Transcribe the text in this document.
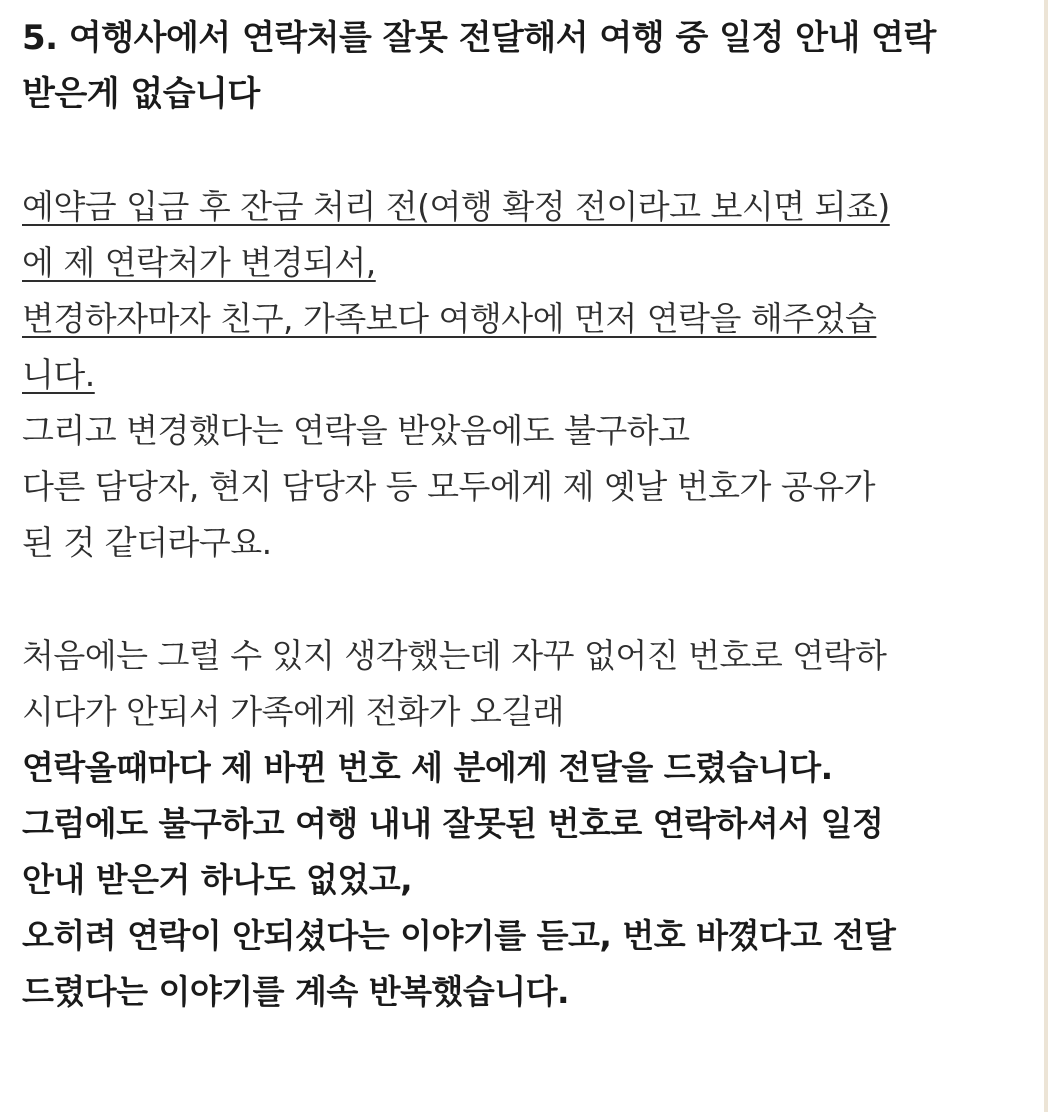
5. 여행사에서 연락처를 잘못 전달해서 여행 중 일정 안내 연락
받은게 없습니다
예약금 입금 후 잔금 처리 전(여행 확정 전이라고 보시면 되죠)
에 제 연락처가 변경되서,
변경하자마자 친구, 가족보다 여행사에 먼저 연락을 해주었습
니다.
그리고 변경했다는 연락을 받았음에도 불구하고
다른 담당자, 현지 담당자 등 모두에게 제 옛날 번호가 공유가
된 것 같더라구요.
처음에는 그럴 수 있지 생각했는데 자꾸 없어진 번호로 연락하
시다가 안되서 가족에게 전화가 오길래
연락올때마다 제 바뀐 번호 세 분에게 전달을 드렸습니다.
그럼에도 불구하고 여행 내내 잘못된 번호로 연락하셔서 일정
안내 받은거 하나도 없었고,
오히려 연락이 안되셨다는 이야기를 듣고, 번호 바꼈다고 전달
드렸다는 이야기를 계속 반복했습니다.
